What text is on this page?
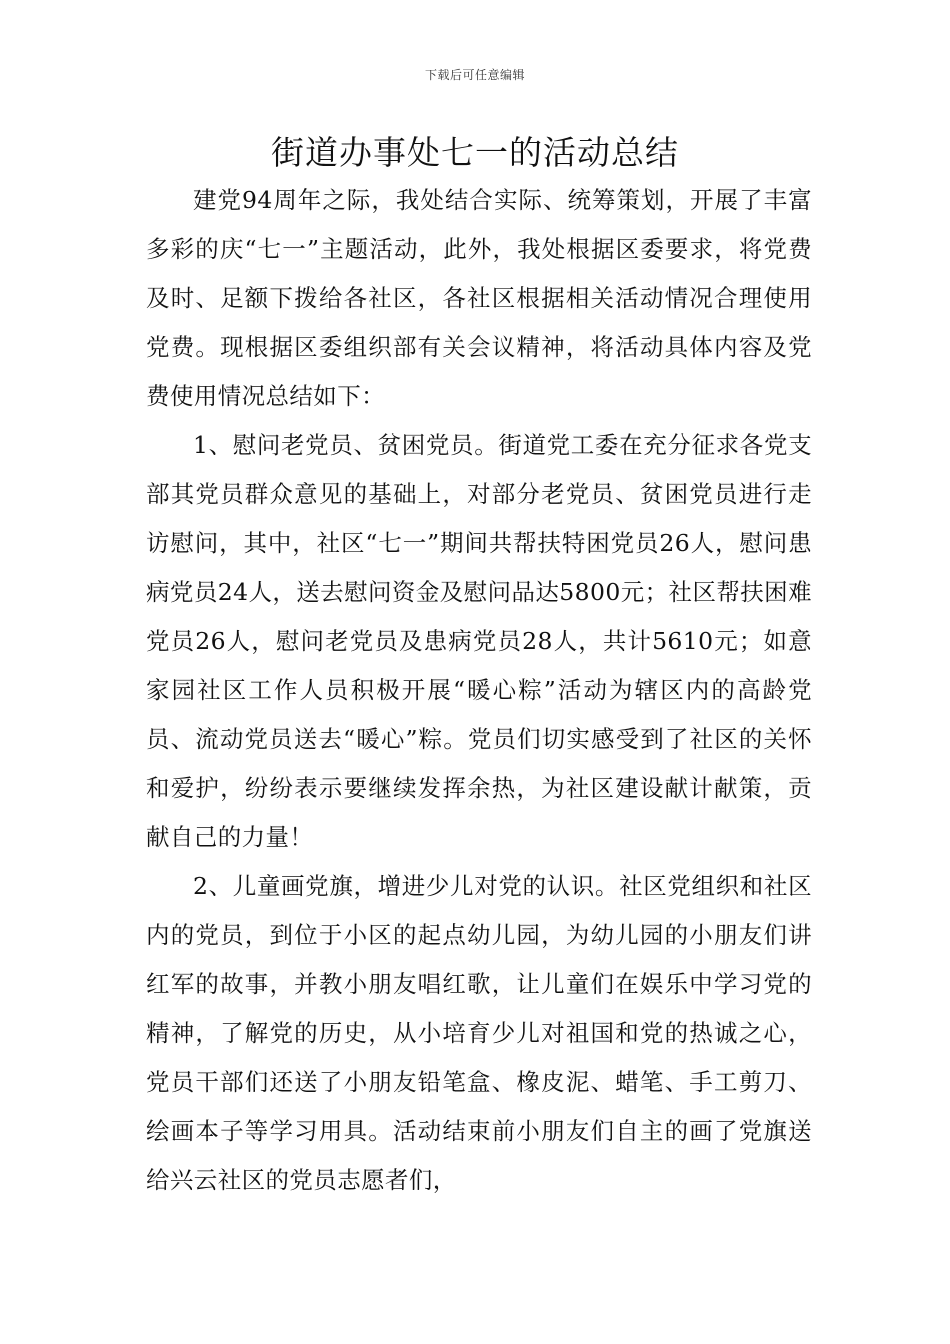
下载后可任意编辑
街道办事处七一的活动总结

建党94周年之际，我处结合实际、统筹策划，开展了丰富多彩的庆“七一”主题活动，此外，我处根据区委要求，将党费及时、足额下拨给各社区，各社区根据相关活动情况合理使用党费。现根据区委组织部有关会议精神，将活动具体内容及党费使用情况总结如下：

1、慰问老党员、贫困党员。街道党工委在充分征求各党支部其党员群众意见的基础上，对部分老党员、贫困党员进行走访慰问，其中，社区“七一”期间共帮扶特困党员26人，慰问患病党员24人，送去慰问资金及慰问品达5800元；社区帮扶困难党员26人，慰问老党员及患病党员28人，共计5610元；如意家园社区工作人员积极开展“暖心粽”活动为辖区内的高龄党员、流动党员送去“暖心”粽。党员们切实感受到了社区的关怀和爱护，纷纷表示要继续发挥余热，为社区建设献计献策，贡献自己的力量！

2、儿童画党旗，增进少儿对党的认识。社区党组织和社区内的党员，到位于小区的起点幼儿园，为幼儿园的小朋友们讲红军的故事，并教小朋友唱红歌，让儿童们在娱乐中学习党的精神，了解党的历史，从小培育少儿对祖国和党的热诚之心，党员干部们还送了小朋友铅笔盒、橡皮泥、蜡笔、手工剪刀、绘画本子等学习用具。活动结束前小朋友们自主的画了党旗送给兴云社区的党员志愿者们，
